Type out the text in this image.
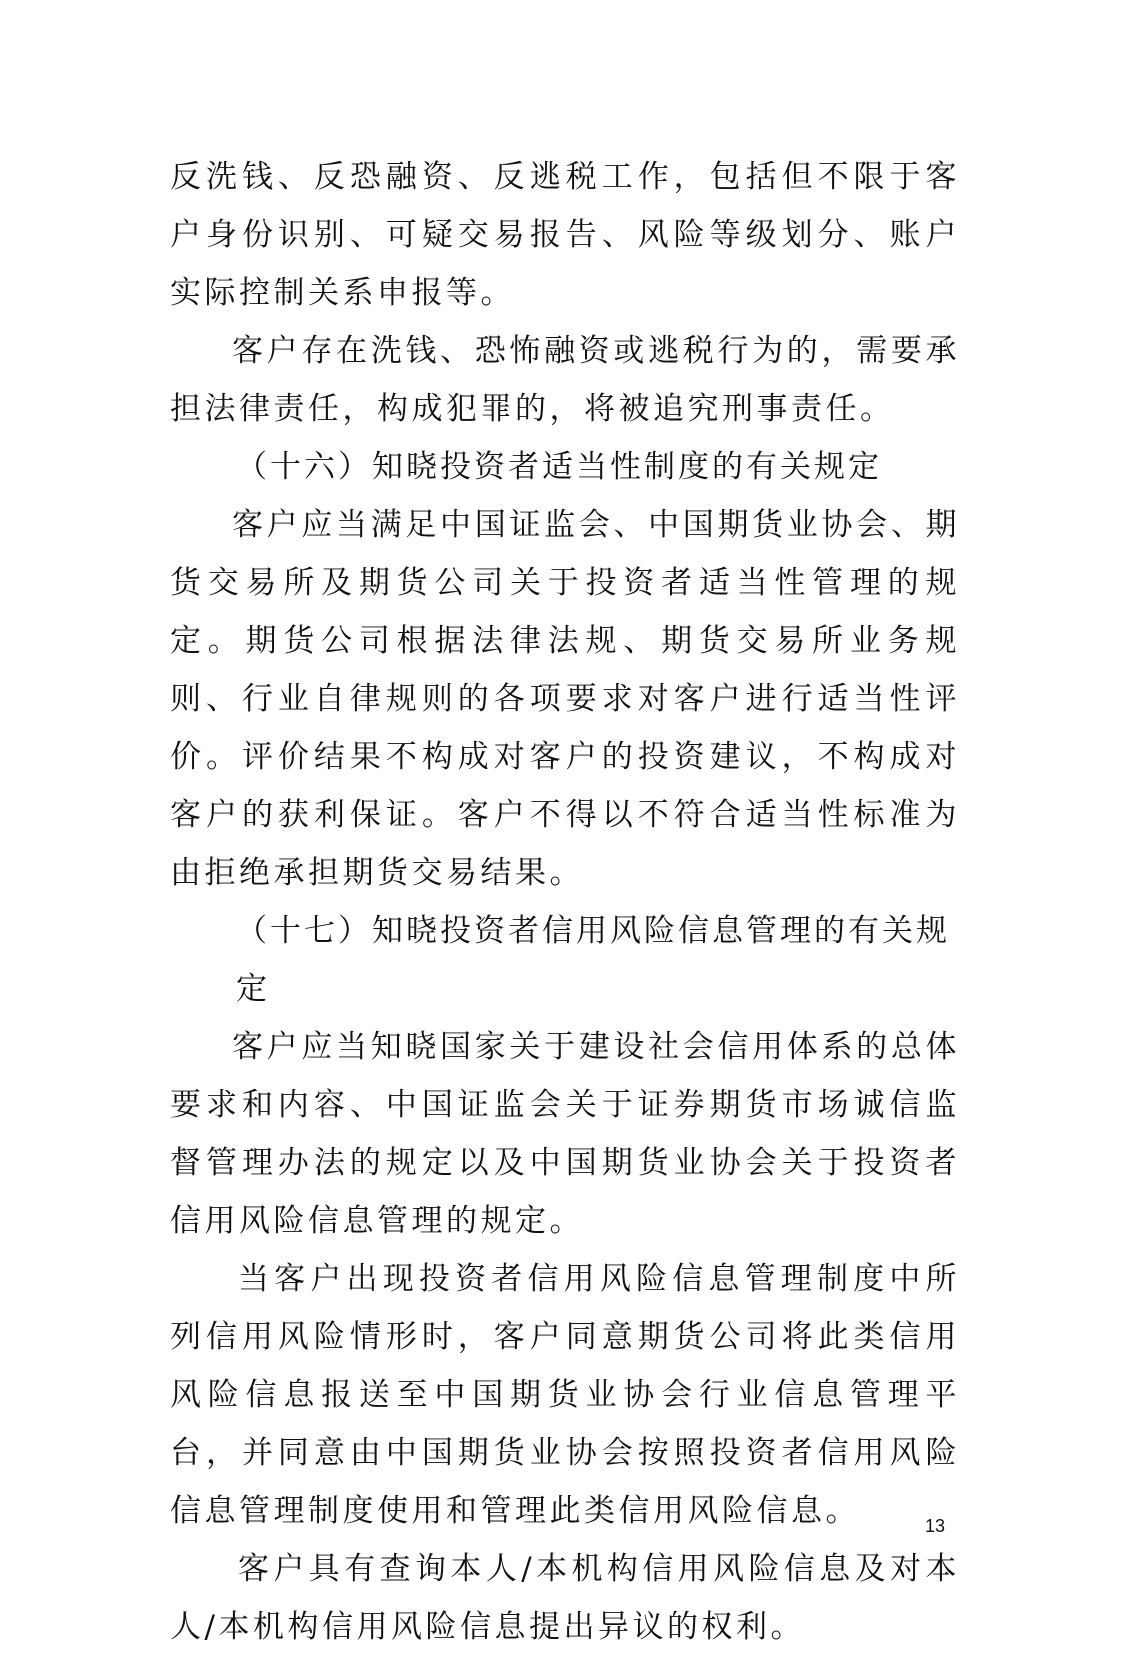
反洗钱、反恐融资、反逃税工作，包括但不限于客户身份识别、可疑交易报告、风险等级划分、账户实际控制关系申报等。

客户存在洗钱、恐怖融资或逃税行为的，需要承担法律责任，构成犯罪的，将被追究刑事责任。

（十六）知晓投资者适当性制度的有关规定

客户应当满足中国证监会、中国期货业协会、期货交易所及期货公司关于投资者适当性管理的规定。期货公司根据法律法规、期货交易所业务规则、行业自律规则的各项要求对客户进行适当性评价。评价结果不构成对客户的投资建议，不构成对客户的获利保证。客户不得以不符合适当性标准为由拒绝承担期货交易结果。

（十七）知晓投资者信用风险信息管理的有关规定

客户应当知晓国家关于建设社会信用体系的总体要求和内容、中国证监会关于证券期货市场诚信监督管理办法的规定以及中国期货业协会关于投资者信用风险信息管理的规定。

当客户出现投资者信用风险信息管理制度中所列信用风险情形时，客户同意期货公司将此类信用风险信息报送至中国期货业协会行业信息管理平台，并同意由中国期货业协会按照投资者信用风险信息管理制度使用和管理此类信用风险信息。

客户具有查询本人/本机构信用风险信息及对本人/本机构信用风险信息提出异议的权利。

13
